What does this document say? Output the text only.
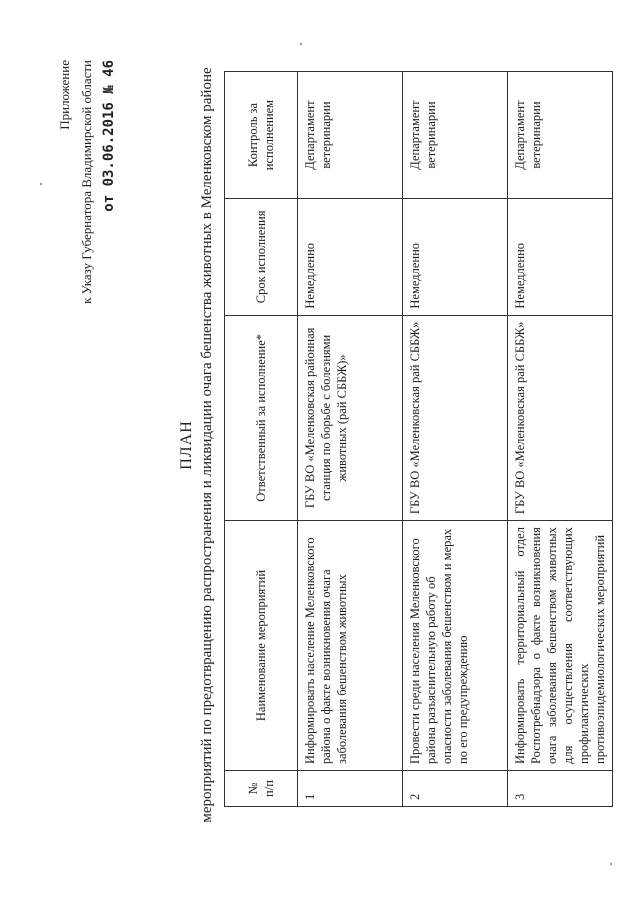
Приложение к Указу Губернатора Владимирской области от 03.06.2016 № 46
ПЛАН мероприятий по предотвращению распространения и ликвидации очага бешенства животных в Меленковском районе № п/п	Наименование мероприятий	Ответственный за исполнение*	Срок исполнения	Контроль за исполнением
1	Информировать население Меленковского района о факте возникновения очага заболевания бешенством животных	ГБУ ВО «Меленковская районная станция по борьбе с болезнями животных (рай СББЖ)»	Немедленно	Департамент ветеринарии
2	Провести среди населения Меленковского района разъяснительную работу об опасности заболевания бешенством и мерах по его предупреждению	ГБУ ВО «Меленковская рай СББЖ»	Немедленно	Департамент ветеринарии
3	Информировать территориальный отдел Роспотребнадзора о факте возникновения очага заболевания бешенством животных для осуществления соответствующих профилактических противоэпидемиологических мероприятий	ГБУ ВО «Меленковская рай СББЖ»	Немедленно	Департамент ветеринарии
